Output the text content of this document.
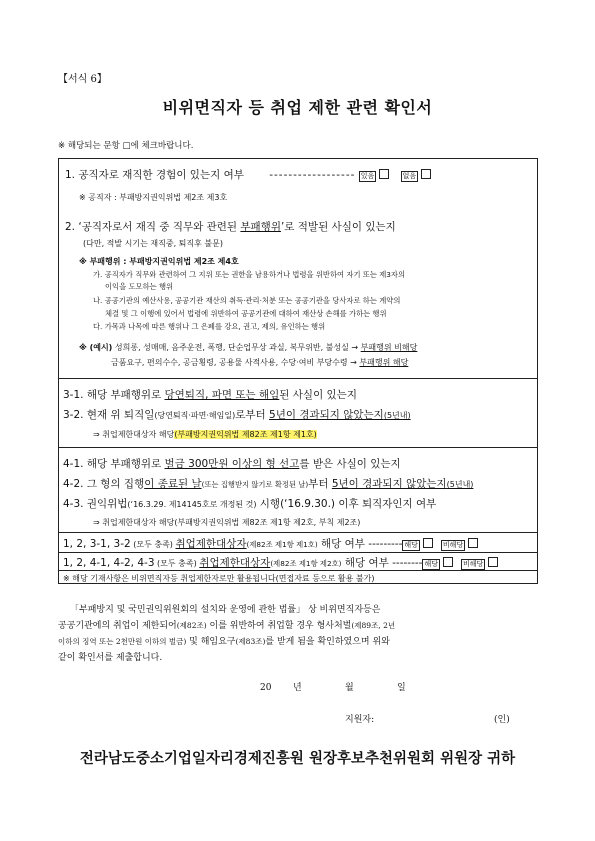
【서식 6】
비위면직자 등 취업 제한 관련 확인서
※ 해당되는 문항 □에 체크바랍니다.
1. 공직자로 재직한 경험이 있는지 여부 ------------------ 있음	없음
※ 공직자 : 부패방지권익위법 제2조 제3호
2. ‘공직자로서 재직 중 직무와 관련된 부패행위’로 적발된 사실이 있는지
(다만, 적발 시기는 재직중, 퇴직후 불문)
※ 부패행위 : 부패방지권익위법 제2조 제4호
가. 공직자가 직무와 관련하여 그 지위 또는 권한을 남용하거나 법령을 위반하여 자기 또는 제3자의
이익을 도모하는 행위
나. 공공기관의 예산사용, 공공기관 재산의 취득·관리·처분 또는 공공기관을 당사자로 하는 계약의
체결 및 그 이행에 있어서 법령에 위반하여 공공기관에 대하여 재산상 손해를 가하는 행위
다. 가목과 나목에 따른 행위나 그 은폐를 강요, 권고, 제의, 유인하는 행위
※ (예시) 성희롱, 성매매, 음주운전, 폭행, 단순업무상 과실, 복무위반, 불성실 → 부패행위 비해당
금품요구, 편의수수, 공금횡령, 공용물 사적사용, 수당·여비 부당수령 → 부패행위 해당
3-1. 해당 부패행위로 당연퇴직, 파면 또는 해임된 사실이 있는지
3-2. 현재 위 퇴직일(당연퇴직·파면·해임일)로부터 5년이 경과되지 않았는지(5년내)
⇒ 취업제한대상자 해당(부패방지권익위법 제82조 제1항 제1호)
4-1. 해당 부패행위로 벌금 300만원 이상의 형 선고를 받은 사실이 있는지
4-2. 그 형의 집행이 종료된 날(또는 집행받지 않기로 확정된 날)부터 5년이 경과되지 않았는지(5년내)
4-3. 권익위법(‘16.3.29. 제14145호로 개정된 것) 시행(‘16.9.30.) 이후 퇴직자인지 여부
⇒ 취업제한대상자 해당(부패방지권익위법 제82조 제1항 제2호, 부칙 제2조)
1, 2, 3-1, 3-2 (모두 충족) 취업제한대상자(제82조 제1항 제1호) 해당 여부 --------- 해당	비해당
1, 2, 4-1, 4-2, 4-3 (모두 충족) 취업제한대상자(제82조 제1항 제2호) 해당 여부 -------- 해당	비해당
※ 해당 기재사항은 비위면직자등 취업제한자로만 활용됩니다(면접자료 등으로 활용 불가)
「부패방지 및 국민권익위원회의 설치와 운영에 관한 법률」 상 비위면직자등은
공공기관에의 취업이 제한되어(제82조) 이를 위반하여 취업할 경우 형사처벌(제89조, 2년
이하의 징역 또는 2천만원 이하의 벌금) 및 해임요구(제83조)를 받게 됨을 확인하였으며 위와
같이 확인서를 제출합니다.
20 년	월	일
지원자:	(인)
전라남도중소기업일자리경제진흥원 원장후보추천위원회 위원장 귀하
